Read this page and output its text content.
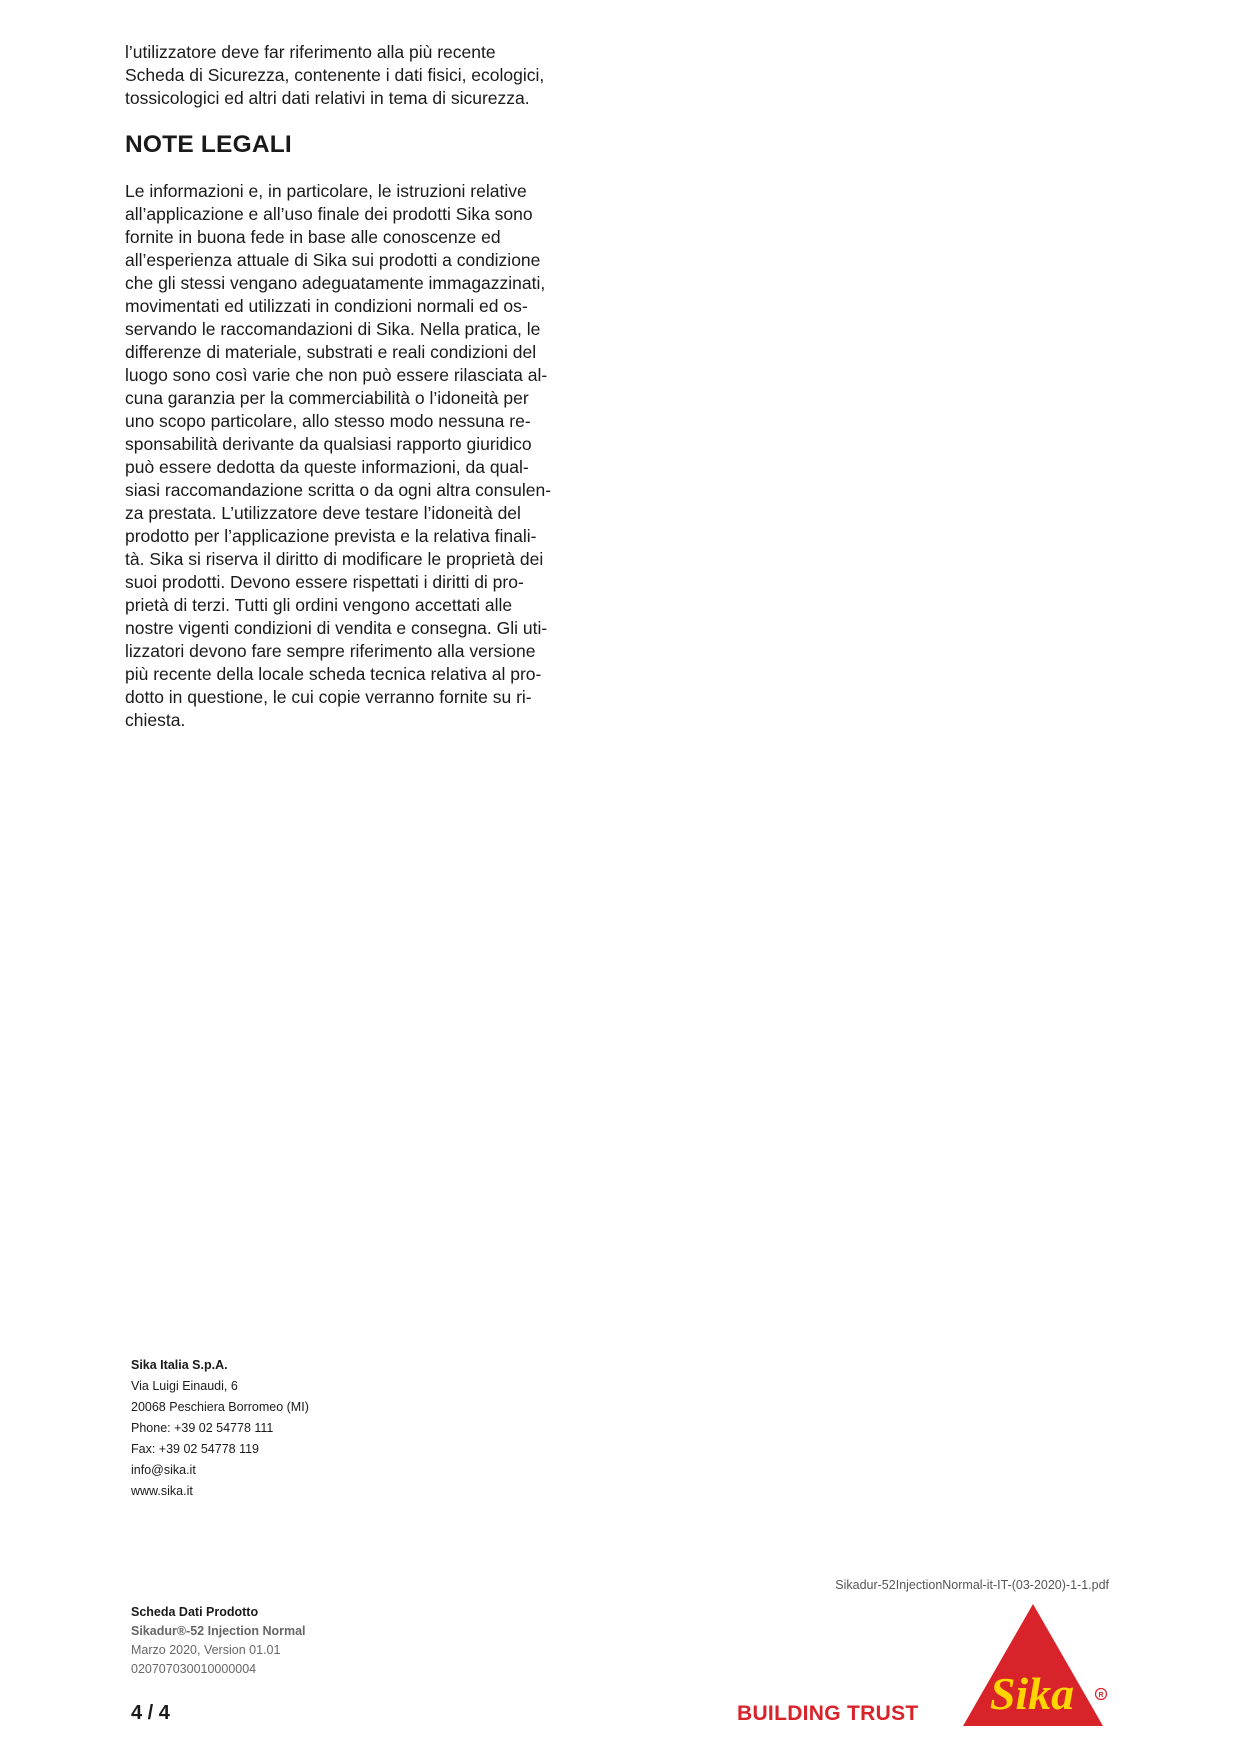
l’utilizzatore deve far riferimento alla più recente
Scheda di Sicurezza, contenente i dati fisici, ecologici,
tossicologici ed altri dati relativi in tema di sicurezza.
NOTE LEGALI
Le informazioni e, in particolare, le istruzioni relative
all’applicazione e all’uso finale dei prodotti Sika sono
fornite in buona fede in base alle conoscenze ed
all’esperienza attuale di Sika sui prodotti a condizione
che gli stessi vengano adeguatamente immagazzinati,
movimentati ed utilizzati in condizioni normali ed os-
servando le raccomandazioni di Sika. Nella pratica, le
differenze di materiale, substrati e reali condizioni del
luogo sono così varie che non può essere rilasciata al-
cuna garanzia per la commerciabilità o l’idoneità per
uno scopo particolare, allo stesso modo nessuna re-
sponsabilità derivante da qualsiasi rapporto giuridico
può essere dedotta da queste informazioni, da qual-
siasi raccomandazione scritta o da ogni altra consulen-
za prestata. L’utilizzatore deve testare l’idoneità del
prodotto per l’applicazione prevista e la relativa finali-
tà. Sika si riserva il diritto di modificare le proprietà dei
suoi prodotti. Devono essere rispettati i diritti di pro-
prietà di terzi. Tutti gli ordini vengono accettati alle
nostre vigenti condizioni di vendita e consegna. Gli uti-
lizzatori devono fare sempre riferimento alla versione
più recente della locale scheda tecnica relativa al pro-
dotto in questione, le cui copie verranno fornite su ri-
chiesta.
Sika Italia S.p.A.
Via Luigi Einaudi, 6
20068 Peschiera Borromeo (MI)
Phone: +39 02 54778 111
Fax: +39 02 54778 119
info@sika.it
www.sika.it
Sikadur-52InjectionNormal-it-IT-(03-2020)-1-1.pdf
Scheda Dati Prodotto
Sikadur®-52 Injection Normal
Marzo 2020, Version 01.01
020707030010000004
4 / 4	BUILDING TRUST Sika	R
